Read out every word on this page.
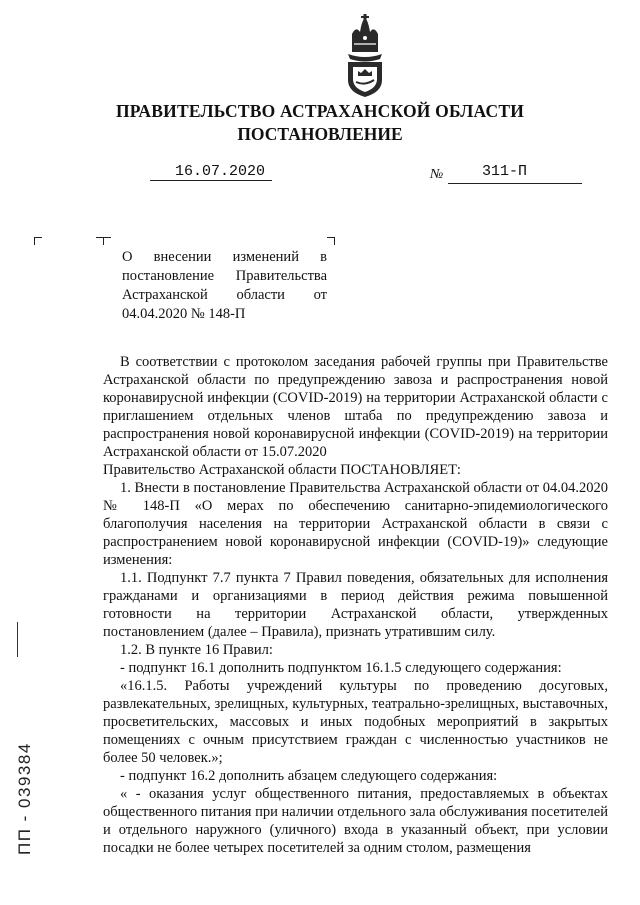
ПРАВИТЕЛЬСТВО АСТРАХАНСКОЙ ОБЛАСТИ
ПОСТАНОВЛЕНИЕ
16.07.2020	№	311-П
О внесении изменений в
постановление Правительства
Астраханской области от
04.04.2020 № 148-П

В соответствии с протоколом заседания рабочей группы при Правительстве Астраханской области по предупреждению завоза и распространения новой коронавирусной инфекции (COVID-2019) на территории Астраханской области с приглашением отдельных членов штаба по предупреждению завоза и распространения новой коронавирусной инфекции (COVID-2019) на территории Астраханской области от 15.07.2020

Правительство Астраханской области ПОСТАНОВЛЯЕТ:

1. Внести в постановление Правительства Астраханской области от 04.04.2020 № 148-П «О мерах по обеспечению санитарно-эпидемиологического благополучия населения на территории Астраханской области в связи с распространением новой коронавирусной инфекции (COVID-19)» следующие изменения:

1.1. Подпункт 7.7 пункта 7 Правил поведения, обязательных для исполнения гражданами и организациями в период действия режима повышенной готовности на территории Астраханской области, утвержденных постановлением (далее – Правила), признать утратившим силу.

1.2. В пункте 16 Правил:

- подпункт 16.1 дополнить подпунктом 16.1.5 следующего содержания:

«16.1.5. Работы учреждений культуры по проведению досуговых, развлекательных, зрелищных, культурных, театрально-зрелищных, выставочных, просветительских, массовых и иных подобных мероприятий в закрытых помещениях с очным присутствием граждан с численностью участников не более 50 человек.»;

- подпункт 16.2 дополнить абзацем следующего содержания:

« - оказания услуг общественного питания, предоставляемых в объектах общественного питания при наличии отдельного зала обслуживания посетителей и отдельного наружного (уличного) входа в указанный объект, при условии посадки не более четырех посетителей за одним столом, размещения

ПП - 039384
